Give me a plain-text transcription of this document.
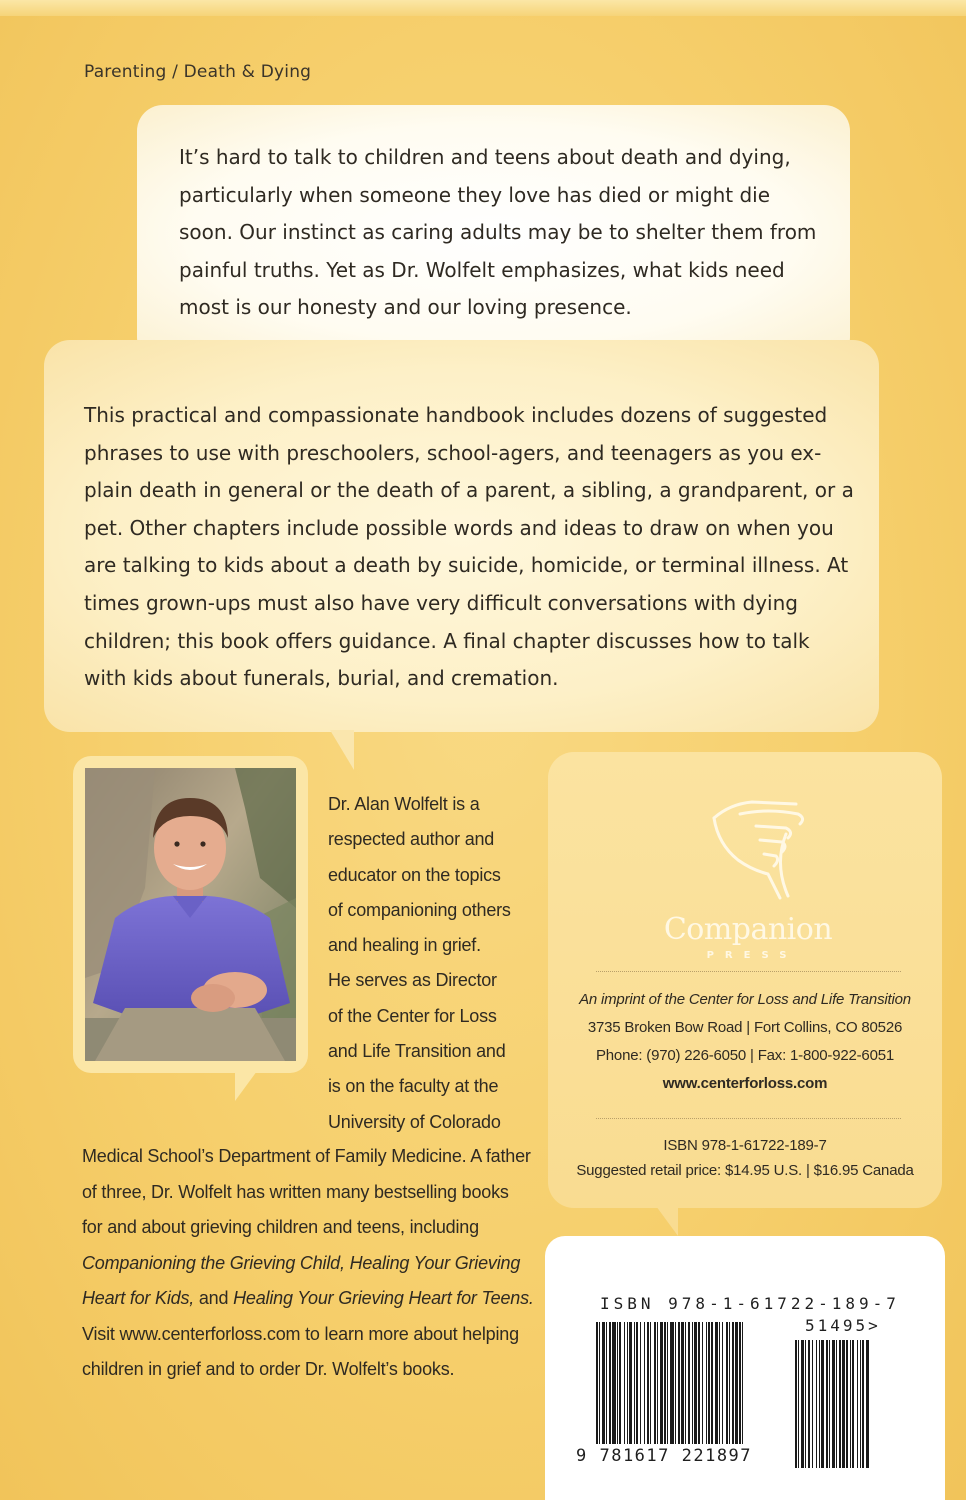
Parenting / Death & Dying

It’s hard to talk to children and teens about death and dying, particularly when someone they love has died or might die soon. Our instinct as caring adults may be to shelter them from painful truths. Yet as Dr. Wolfelt emphasizes, what kids need most is our honesty and our loving presence.

This practical and compassionate handbook includes dozens of suggested phrases to use with preschoolers, school-agers, and teenagers as you ex-plain death in general or the death of a parent, a sibling, a grandparent, or a pet. Other chapters include possible words and ideas to draw on when you are talking to kids about a death by suicide, homicide, or terminal illness. At times grown-ups must also have very difficult conversations with dying children; this book offers guidance. A final chapter discusses how to talk with kids about funerals, burial, and cremation.

Dr. Alan Wolfelt is a
respected author and
educator on the topics
of companioning others
and healing in grief.
He serves as Director
of the Center for Loss
and Life Transition and
is on the faculty at the
University of Colorado
Medical School’s Department of Family Medicine. A father
of three, Dr. Wolfelt has written many bestselling books
for and about grieving children and teens, including
Companioning the Grieving Child, Healing Your Grieving
Heart for Kids, and Healing Your Grieving Heart for Teens.
Visit www.centerforloss.com to learn more about helping
children in grief and to order Dr. Wolfelt’s books.
Companion
PRESS
An imprint of the Center for Loss and Life Transition
3735 Broken Bow Road | Fort Collins, CO 80526
Phone: (970) 226-6050 | Fax: 1-800-922-6051
www.centerforloss.com
ISBN 978-1-61722-189-7
Suggested retail price: $14.95 U.S. | $16.95 Canada
ISBN 978-1-61722-189-7
51495>
9 781617 221897
